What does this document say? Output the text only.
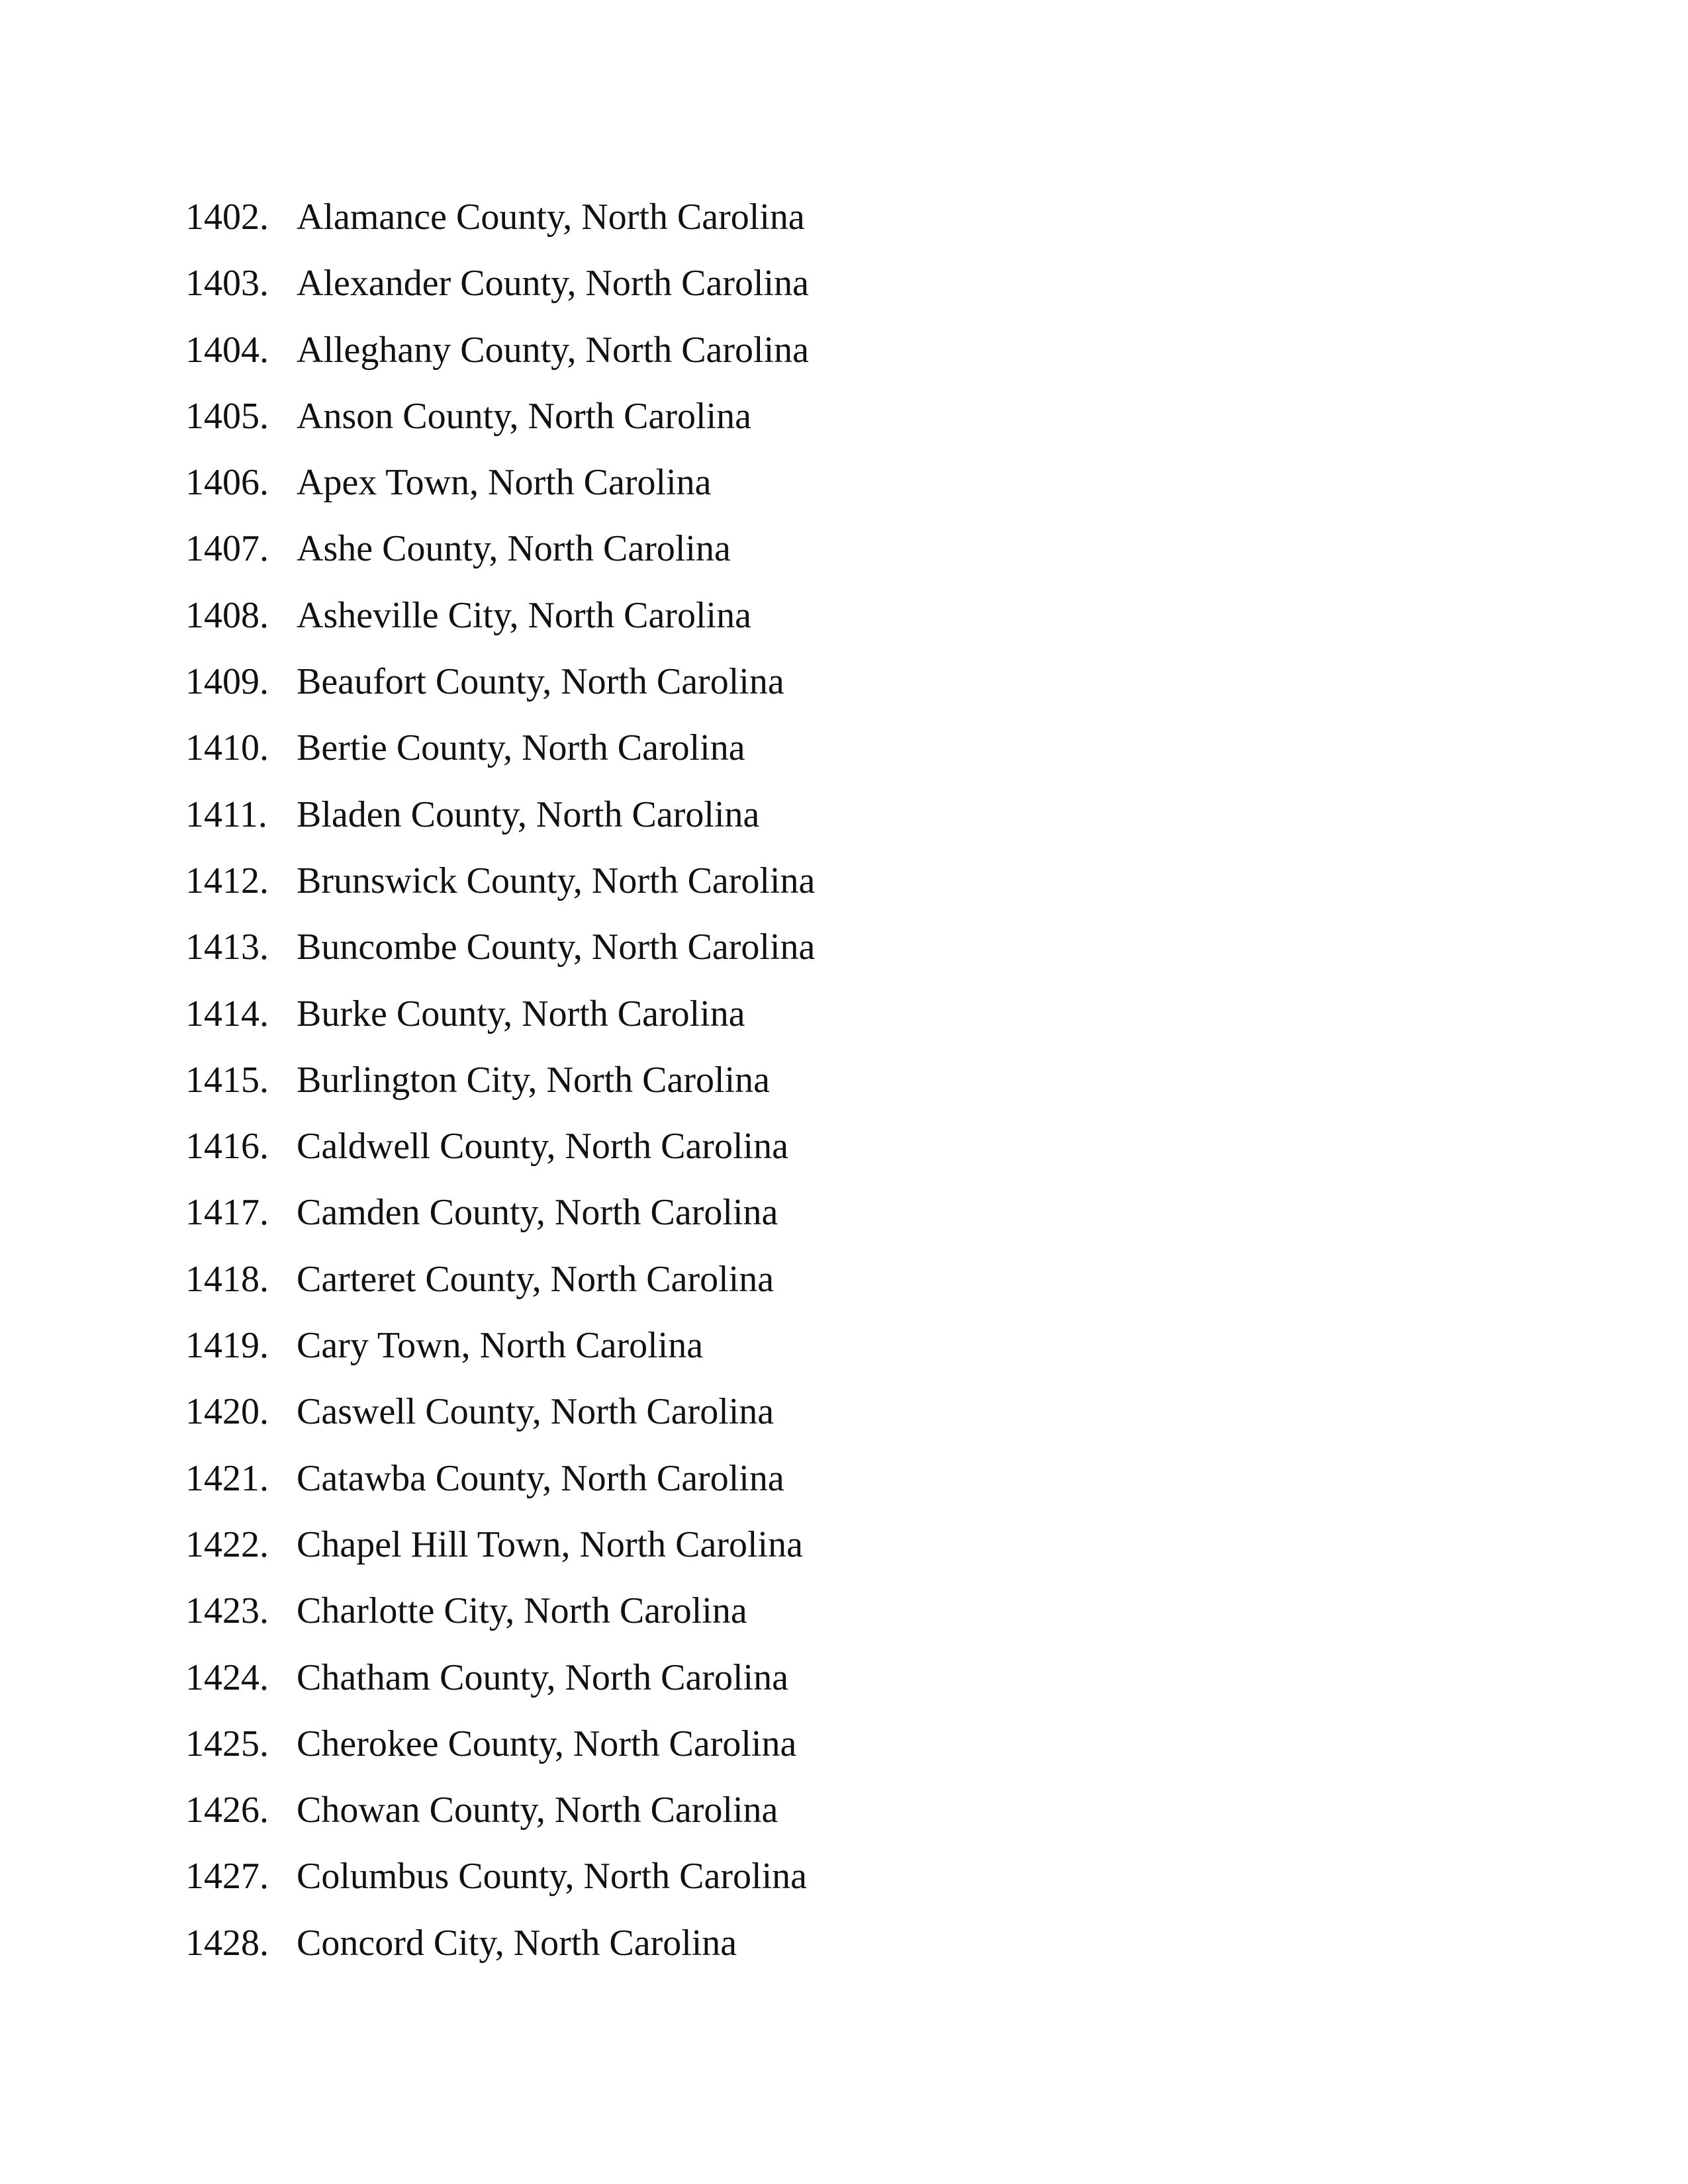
1402. Alamance County, North Carolina
1403. Alexander County, North Carolina
1404. Alleghany County, North Carolina
1405. Anson County, North Carolina
1406. Apex Town, North Carolina
1407. Ashe County, North Carolina
1408. Asheville City, North Carolina
1409. Beaufort County, North Carolina
1410. Bertie County, North Carolina
1411. Bladen County, North Carolina
1412. Brunswick County, North Carolina
1413. Buncombe County, North Carolina
1414. Burke County, North Carolina
1415. Burlington City, North Carolina
1416. Caldwell County, North Carolina
1417. Camden County, North Carolina
1418. Carteret County, North Carolina
1419. Cary Town, North Carolina
1420. Caswell County, North Carolina
1421. Catawba County, North Carolina
1422. Chapel Hill Town, North Carolina
1423. Charlotte City, North Carolina
1424. Chatham County, North Carolina
1425. Cherokee County, North Carolina
1426. Chowan County, North Carolina
1427. Columbus County, North Carolina
1428. Concord City, North Carolina
